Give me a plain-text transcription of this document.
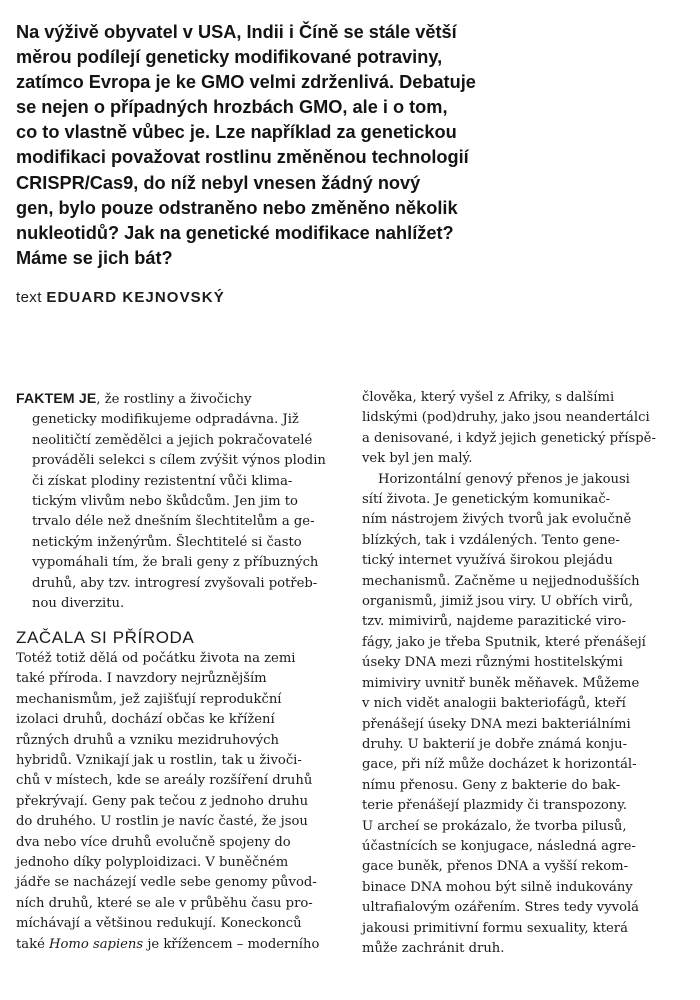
Na výživě obyvatel v USA, Indii i Číně se stále větší
měrou podílejí geneticky modifikované potraviny,
zatímco Evropa je ke GMO velmi zdrženlivá. Debatuje
se nejen o případných hrozbách GMO, ale i o tom,
co to vlastně vůbec je. Lze například za genetickou
modifikaci považovat rostlinu změněnou technologií
CRISPR/Cas9, do níž nebyl vnesen žádný nový
gen, bylo pouze odstraněno nebo změněno několik
nukleotidů? Jak na genetické modifikace nahlížet?
Máme se jich bát?
text EDUARD KEJNOVSKÝ
FAKTEM JE, že rostliny a živočichy
geneticky modifikujeme odpradávna. Již
neolitičtí zemědělci a jejich pokračovatelé
prováděli selekci s cílem zvýšit výnos plodin
či získat plodiny rezistentní vůči klima-
tickým vlivům nebo škůdcům. Jen jim to
trvalo déle než dnešním šlechtitelům a ge-
netickým inženýrům. Šlechtitelé si často
vypomáhali tím, že brali geny z příbuzných
druhů, aby tzv. introgresí zvyšovali potřeb-
nou diverzitu.
ZAČALA SI PŘÍRODA
Totéž totiž dělá od počátku života na zemi
také příroda. I navzdory nejrůznějším
mechanismům, jež zajišťují reprodukční
izolaci druhů, dochází občas ke křížení
různých druhů a vzniku mezidruhových
hybridů. Vznikají jak u rostlin, tak u živoči-
chů v místech, kde se areály rozšíření druhů
překrývají. Geny pak tečou z jednoho druhu
do druhého. U rostlin je navíc časté, že jsou
dva nebo více druhů evolučně spojeny do
jednoho díky polyploidizaci. V buněčném
jádře se nacházejí vedle sebe genomy původ-
ních druhů, které se ale v průběhu času pro-
míchávají a většinou redukují. Koneckonců
také Homo sapiens je křížencem – moderního
člověka, který vyšel z Afriky, s dalšími
lidskými (pod)druhy, jako jsou neandertálci
a denisované, i když jejich genetický příspě-
vek byl jen malý.
Horizontální genový přenos je jakousi
sítí života. Je genetickým komunikač-
ním nástrojem živých tvorů jak evolučně
blízkých, tak i vzdálených. Tento gene-
tický internet využívá širokou plejádu
mechanismů. Začněme u nejjednodušších
organismů, jimiž jsou viry. U obřích virů,
tzv. mimivirů, najdeme parazitické viro-
fágy, jako je třeba Sputnik, které přenášejí
úseky DNA mezi různými hostitelskými
mimiviry uvnitř buněk měňavek. Můžeme
v nich vidět analogii bakteriofágů, kteří
přenášejí úseky DNA mezi bakteriálními
druhy. U bakterií je dobře známá konju-
gace, při níž může docházet k horizontál-
nímu přenosu. Geny z bakterie do bak-
terie přenášejí plazmidy či transpozony.
U archeí se prokázalo, že tvorba pilusů,
účastnících se konjugace, následná agre-
gace buněk, přenos DNA a vyšší rekom-
binace DNA mohou být silně indukovány
ultrafialovým ozářením. Stres tedy vyvolá
jakousi primitivní formu sexuality, která
může zachránit druh.
